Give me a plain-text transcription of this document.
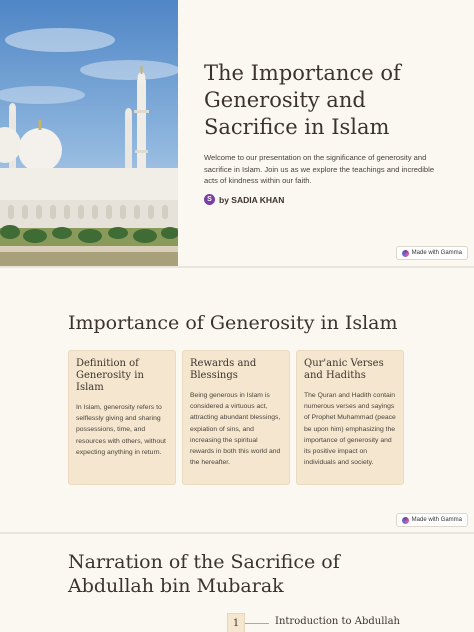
The Importance of Generosity and Sacrifice in Islam

Welcome to our presentation on the significance of generosity and sacrifice in Islam. Join us as we explore the teachings and incredible acts of kindness within our faith.

S by SADIA KHAN
Made with Gamma
Importance of Generosity in Islam
Definition of Generosity in Islam

In Islam, generosity refers to selflessly giving and sharing possessions, time, and resources with others, without expecting anything in return.

Rewards and Blessings

Being generous in Islam is considered a virtuous act, attracting abundant blessings, expiation of sins, and increasing the spiritual rewards in both this world and the hereafter.

Qur'anic Verses and Hadiths

The Quran and Hadith contain numerous verses and sayings of Prophet Muhammad (peace be upon him) emphasizing the importance of generosity and its positive impact on individuals and society.

Made with Gamma
Narration of the Sacrifice of Abdullah bin Mubarak
1	Introduction to Abdullah
